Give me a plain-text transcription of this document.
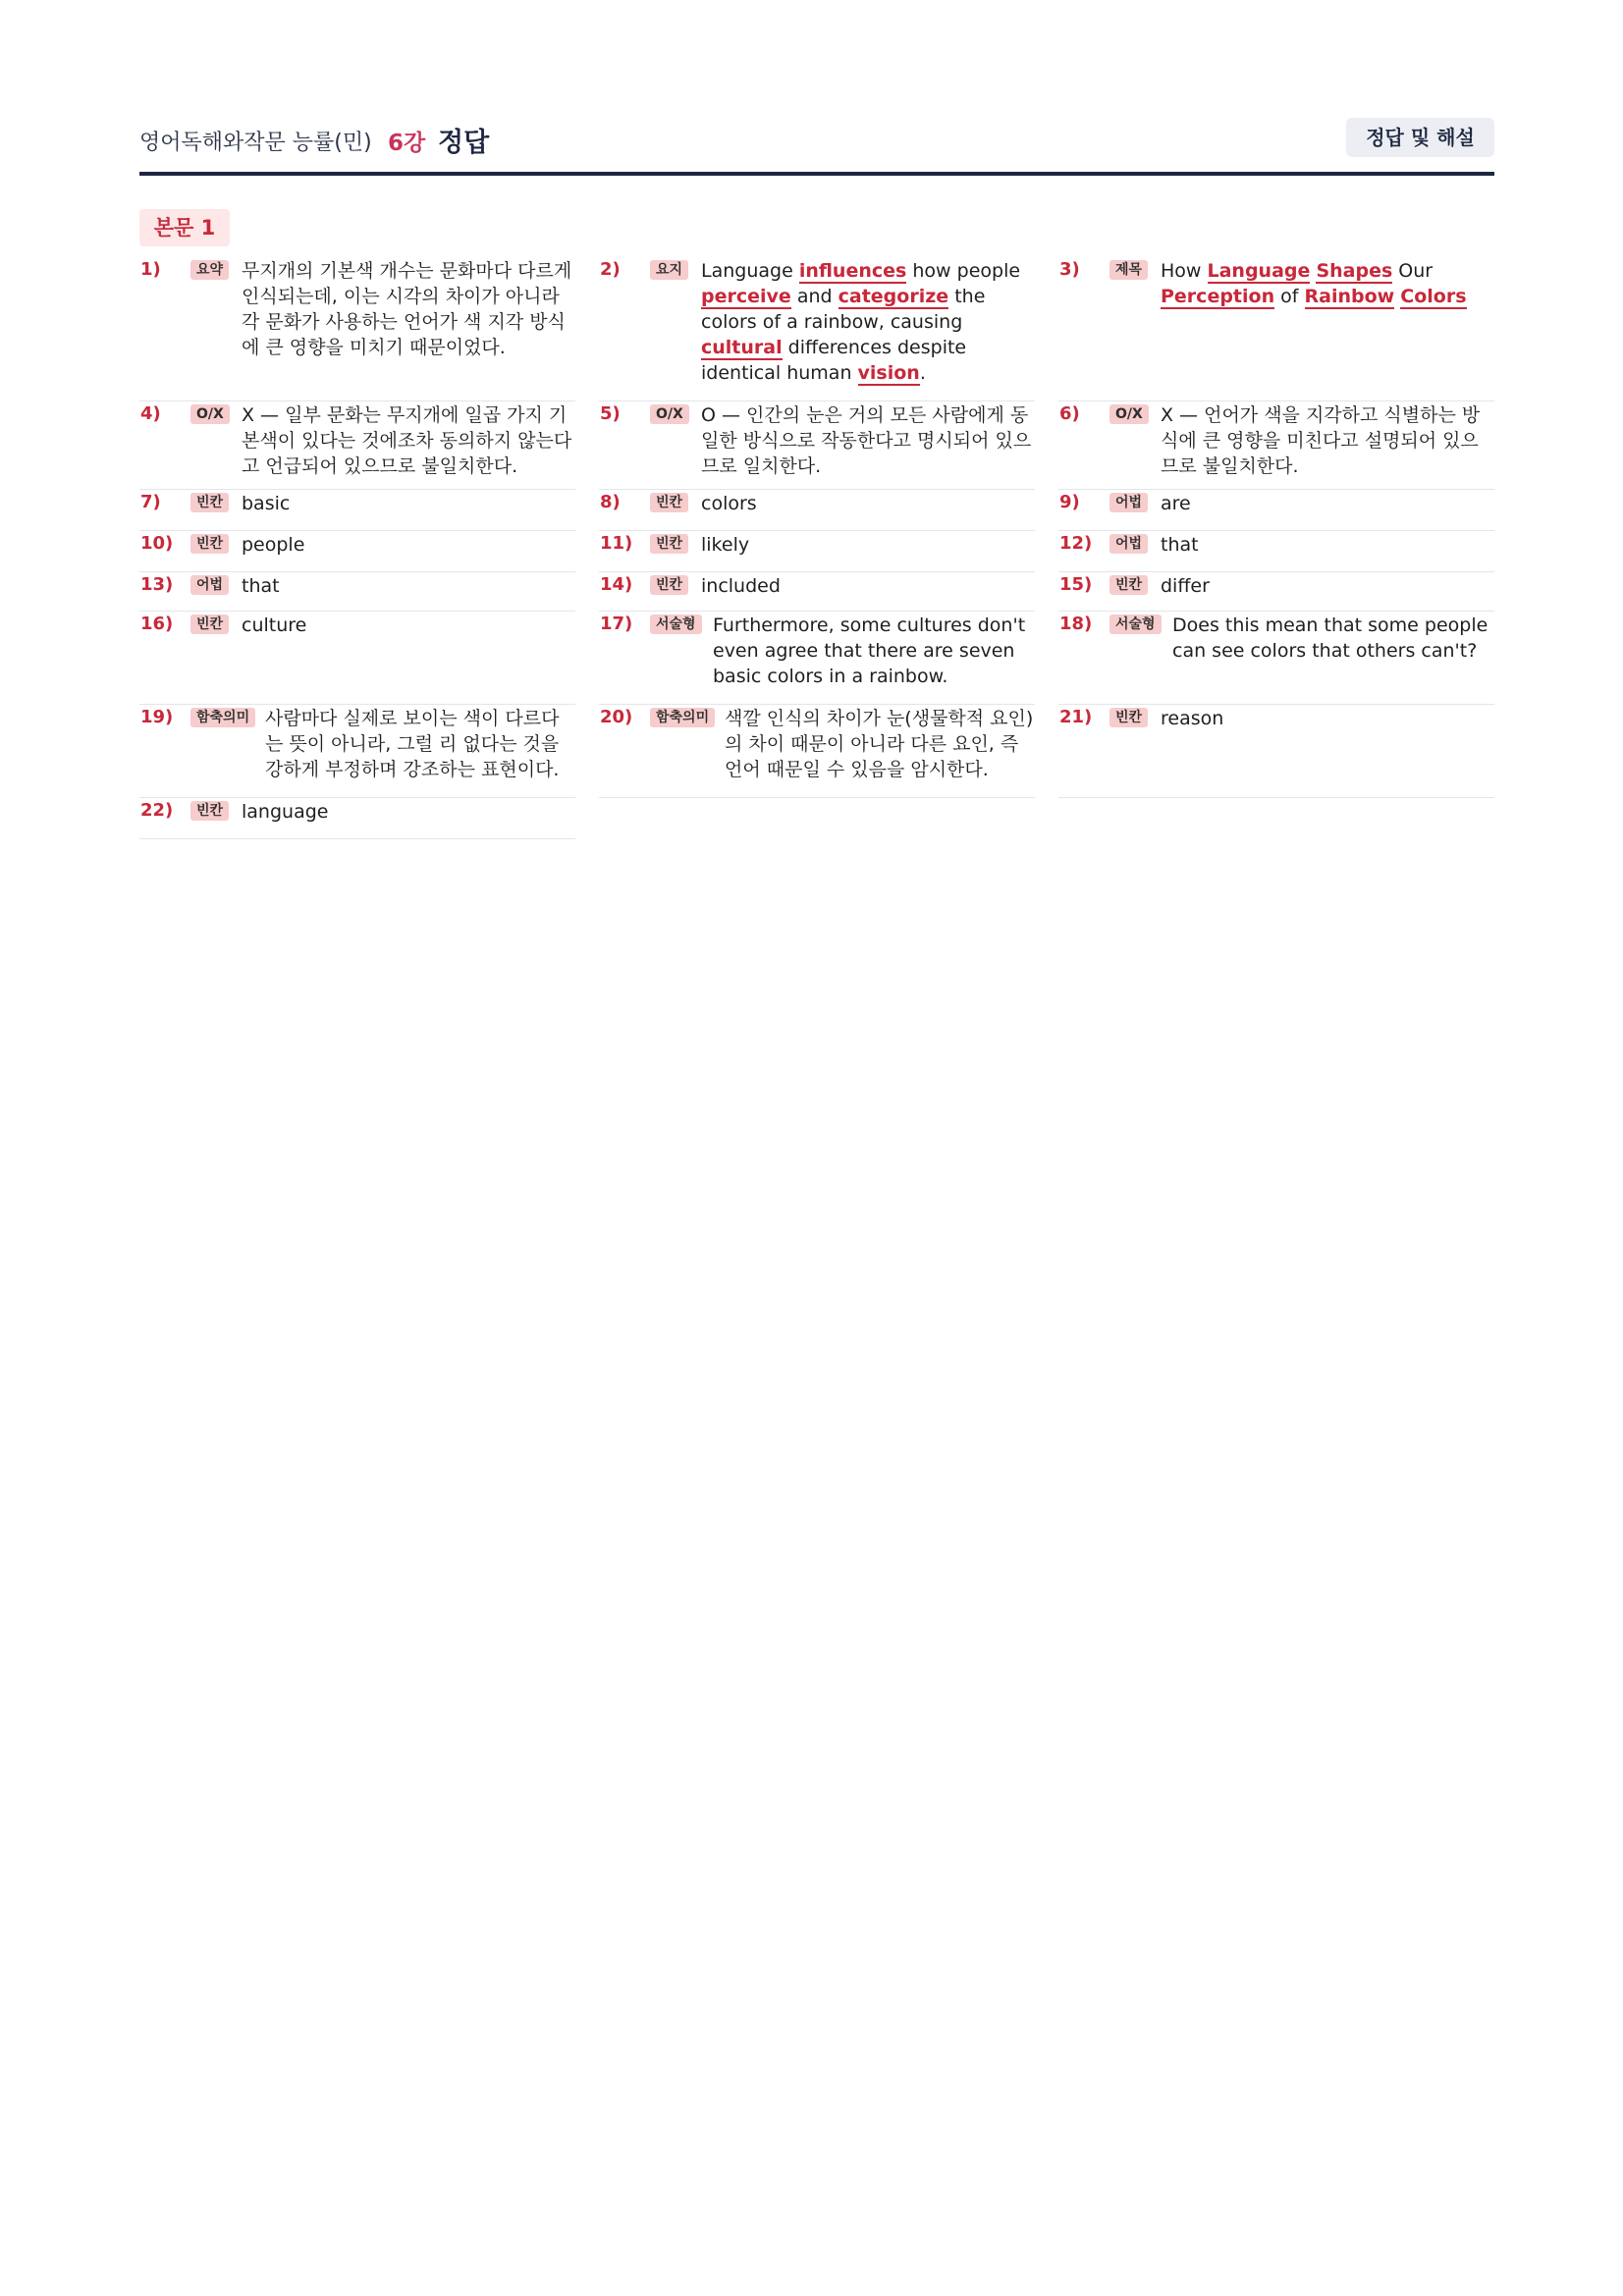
영어독해와작문 능률(민) 6강 정답	정답 및 해설
본문 1
1)	요약 무지개의 기본색 개수는 문화마다 다르게 인식되는데, 이는 시각의 차이가 아니라 각 문화가 사용하는 언어가 색 지각 방식에 큰 영향을 미치기 때문이었다.
2)	요지 Language influences how people perceive and categorize the colors of a rainbow, causing cultural differences despite identical human vision.
3)	제목 How Language Shapes Our Perception of Rainbow Colors
4)	O/X X — 일부 문화는 무지개에 일곱 가지 기본색이 있다는 것에조차 동의하지 않는다고 언급되어 있으므로 불일치한다.
5)	O/X O — 인간의 눈은 거의 모든 사람에게 동일한 방식으로 작동한다고 명시되어 있으므로 일치한다.
6)	O/X X — 언어가 색을 지각하고 식별하는 방식에 큰 영향을 미친다고 설명되어 있으므로 불일치한다.
7)	빈칸 basic	8)	빈칸 colors	9)	어법 are
10)	빈칸 people	11)	빈칸 likely	12)	어법 that
13)	어법 that	14)	빈칸 included	15)	빈칸 differ
16)	빈칸 culture	17)	서술형 Furthermore, some cultures don't even agree that there are seven basic colors in a rainbow.
18)	서술형 Does this mean that some people can see colors that others can't?
19)	함축의미 사람마다 실제로 보이는 색이 다르다는 뜻이 아니라, 그럴 리 없다는 것을 강하게 부정하며 강조하는 표현이다.
20)	함축의미 색깔 인식의 차이가 눈(생물학적 요인)의 차이 때문이 아니라 다른 요인, 즉 언어 때문일 수 있음을 암시한다.
21)	빈칸 reason
22)	빈칸 language
